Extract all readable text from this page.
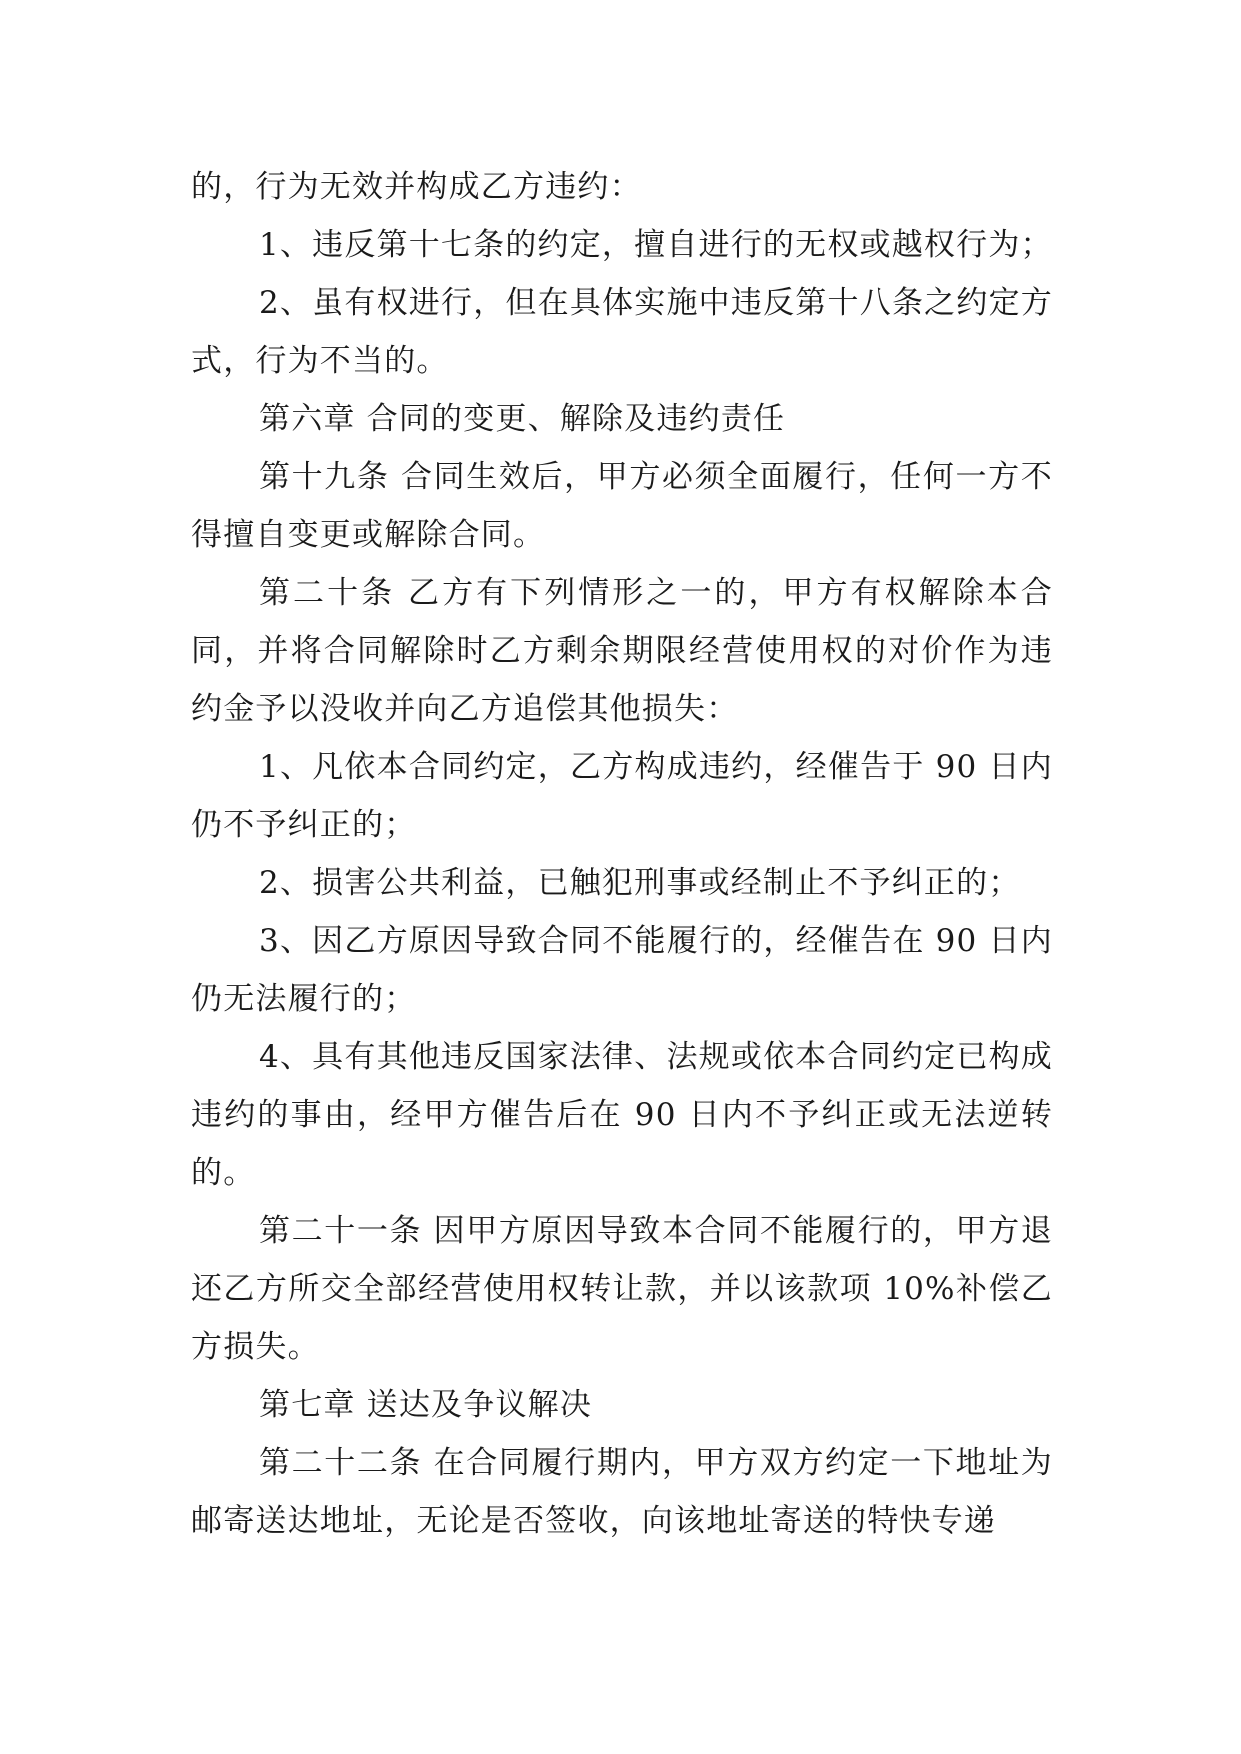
的，行为无效并构成乙方违约：

1、违反第十七条的约定，擅自进行的无权或越权行为；

2、虽有权进行，但在具体实施中违反第十八条之约定方式，行为不当的。

第六章 合同的变更、解除及违约责任

第十九条 合同生效后，甲方必须全面履行，任何一方不得擅自变更或解除合同。

第二十条 乙方有下列情形之一的，甲方有权解除本合同，并将合同解除时乙方剩余期限经营使用权的对价作为违约金予以没收并向乙方追偿其他损失：

1、凡依本合同约定，乙方构成违约，经催告于 90 日内仍不予纠正的；

2、损害公共利益，已触犯刑事或经制止不予纠正的；

3、因乙方原因导致合同不能履行的，经催告在 90 日内仍无法履行的；

4、具有其他违反国家法律、法规或依本合同约定已构成违约的事由，经甲方催告后在 90 日内不予纠正或无法逆转的。

第二十一条 因甲方原因导致本合同不能履行的，甲方退还乙方所交全部经营使用权转让款，并以该款项 10%补偿乙方损失。

第七章 送达及争议解决

第二十二条 在合同履行期内，甲方双方约定一下地址为邮寄送达地址，无论是否签收，向该地址寄送的特快专递
